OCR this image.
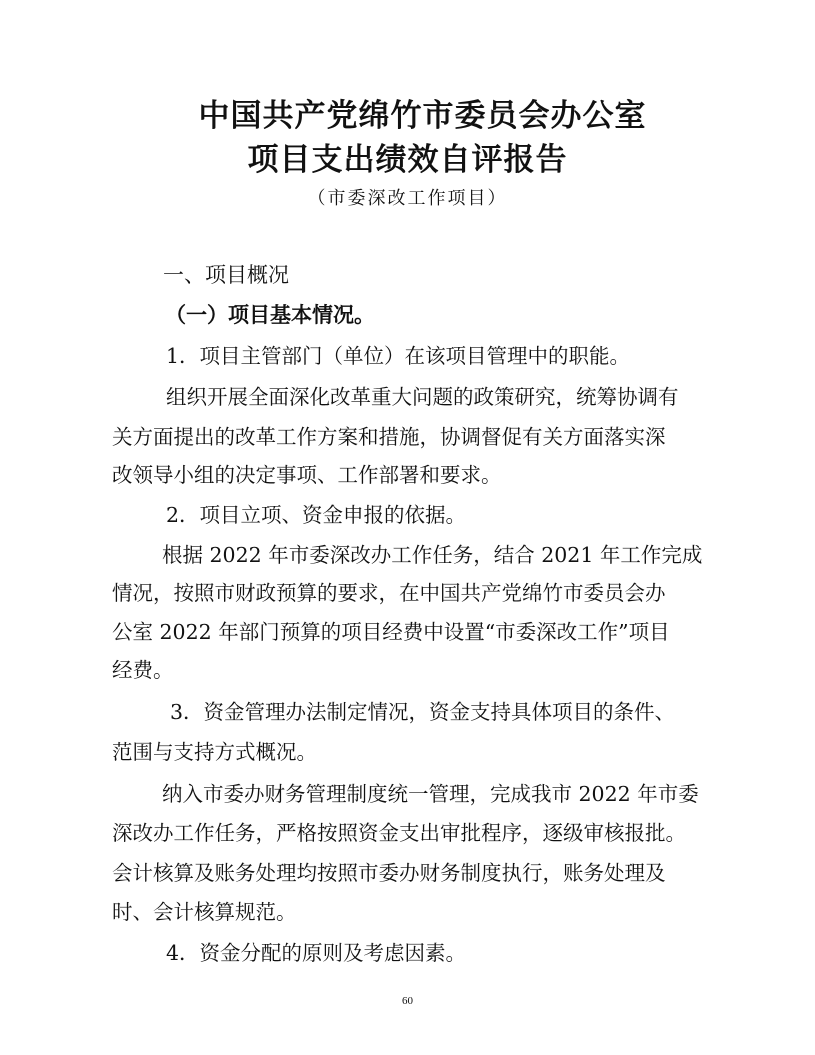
中国共产党绵竹市委员会办公室
项目支出绩效自评报告
（市委深改工作项目）
一、项目概况
（一）项目基本情况。
1．项目主管部门（单位）在该项目管理中的职能。
组织开展全面深化改革重大问题的政策研究，统筹协调有
关方面提出的改革工作方案和措施，协调督促有关方面落实深
改领导小组的决定事项、工作部署和要求。
2．项目立项、资金申报的依据。
根据 2022 年市委深改办工作任务，结合 2021 年工作完成
情况，按照市财政预算的要求，在中国共产党绵竹市委员会办
公室 2022 年部门预算的项目经费中设置“市委深改工作”项目
经费。
3．资金管理办法制定情况，资金支持具体项目的条件、
范围与支持方式概况。
纳入市委办财务管理制度统一管理，完成我市 2022 年市委
深改办工作任务，严格按照资金支出审批程序，逐级审核报批。
会计核算及账务处理均按照市委办财务制度执行，账务处理及
时、会计核算规范。
4．资金分配的原则及考虑因素。
60
